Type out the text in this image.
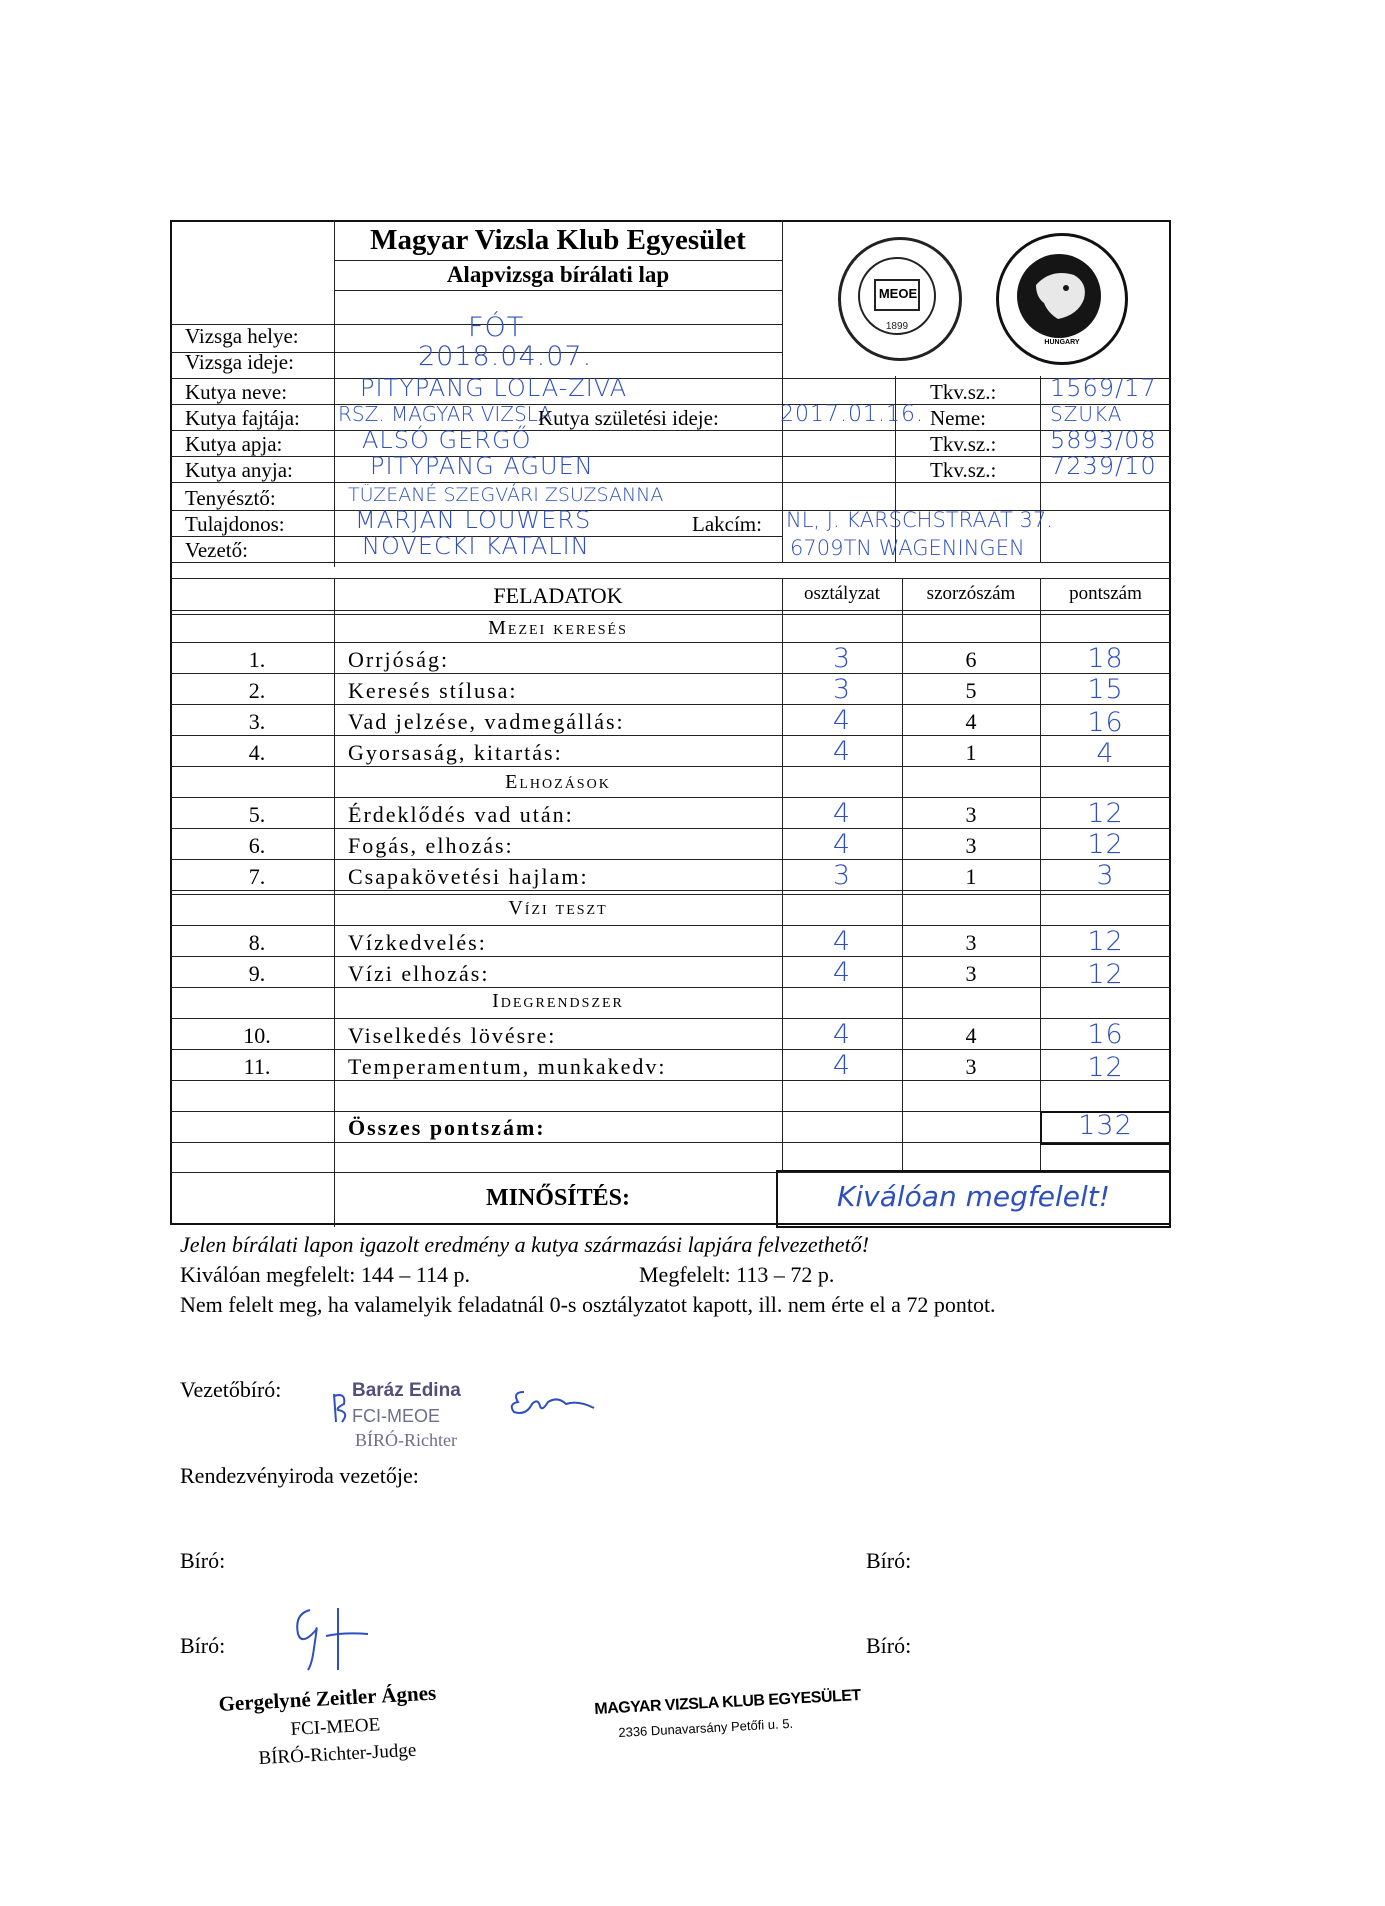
Magyar Vizsla Klub Egyesület
Alapvizsga bírálati lap
1899
MEOE
HUNGARY
Vizsga helye:	FÓT
Vizsga ideje:	2018.04.07.
Kutya neve:	PITYPANG LOLA-ZIVA	Tkv.sz.: 1569/17
Kutya fajtája: RSZ. MAGYAR VIZSLA
Kutya születési ideje:	2017.01.16. Neme:	SZUKA
Kutya apja:	ALSÓ GERGŐ	Tkv.sz.: 5893/08
Kutya anyja:	PITYPANG AGUEN	Tkv.sz.: 7239/10
Tenyésztő:	TÜZEANÉ SZEGVÁRI ZSUZSANNA
Tulajdonos:	MARJAN LOUWERS	Lakcím: NL, J. KARSCHSTRAAT 37.
6709TN WAGENINGEN
Vezető:	NOVECKI KATALIN
FELADATOK	osztályzat	szorzószám	pontszám
Mezei keresés
Elhozások
Vízi teszt
Idegrendszer
1.	Orrjóság:	3	6	18
2.	Keresés stílusa:	3	5	15
3.	Vad jelzése, vadmegállás:	4	4	16
4.	Gyorsaság, kitartás:	4	1	4
5.	Érdeklődés vad után:	4	3	12
6.	Fogás, elhozás:	4	3	12
7.	Csapakövetési hajlam:	3	1	3
8.	Vízkedvelés:	4	3	12
9.	Vízi elhozás:	4	3	12
10.	Viselkedés lövésre:	4	4	16
11.	Temperamentum, munkakedv:	4	3	12
Összes pontszám:	132
MINŐSÍTÉS:	Kiválóan megfelelt!
Jelen bírálati lapon igazolt eredmény a kutya származási lapjára felvezethető!
Kiválóan megfelelt: 144 – 114 p.	Megfelelt: 113 – 72 p.
Nem felelt meg, ha valamelyik feladatnál 0-s osztályzatot kapott, ill. nem érte el a 72 pontot.
Vezetőbíró:	Baráz Edina
FCI-MEOE
BÍRÓ-Richter
Rendezvényiroda vezetője:
Bíró:	Bíró:
Bíró:	Bíró:
Gergelyné Zeitler Ágnes
FCI-MEOE
BÍRÓ-Richter-Judge
MAGYAR VIZSLA KLUB EGYESÜLET
2336 Dunavarsány Petőfi u. 5.
